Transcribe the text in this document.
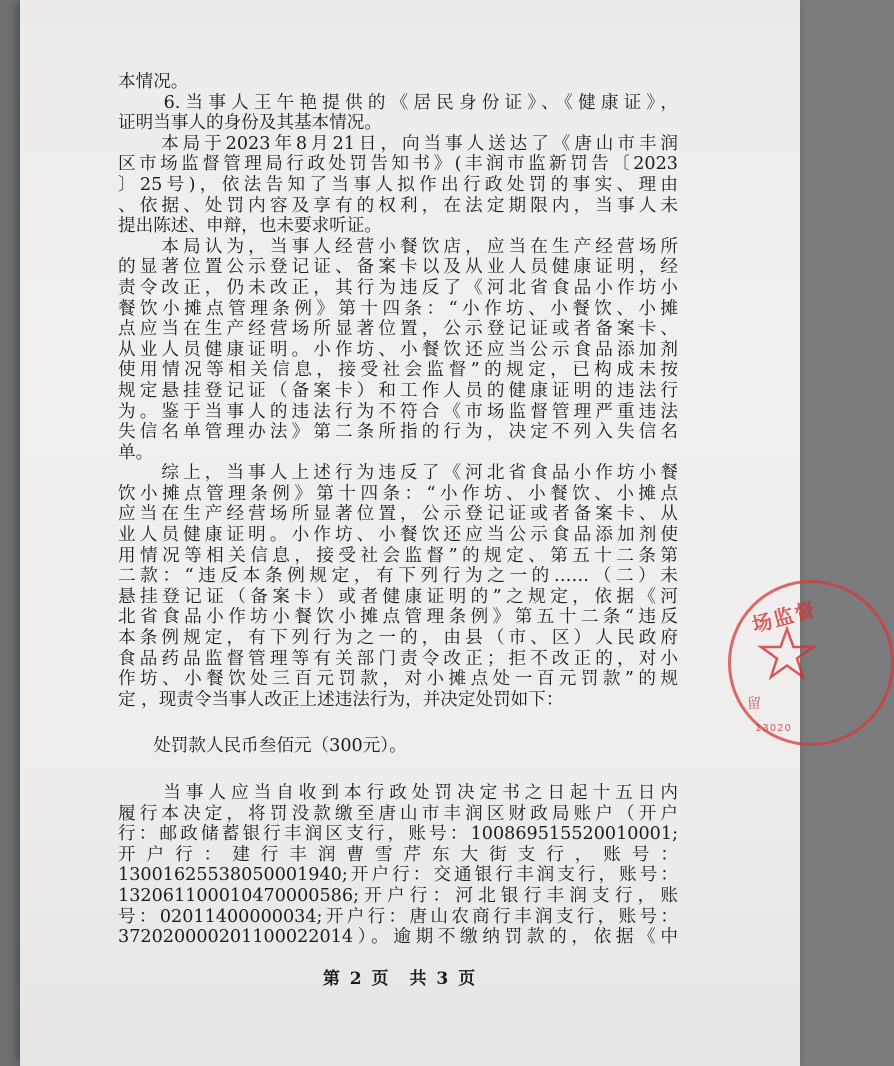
本情况。
　　6.当事人王午艳提供的《居民身份证》、《健康证》，
证明当事人的身份及其基本情况。
　　本局于2023年8月21日，向当事人送达了《唐山市丰润
区市场监督管理局行政处罚告知书》(丰润市监新罚告〔2023
〕25号)，依法告知了当事人拟作出行政处罚的事实、理由
、依据、处罚内容及享有的权利，在法定期限内，当事人未
提出陈述、申辩，也未要求听证。
　　本局认为，当事人经营小餐饮店，应当在生产经营场所
的显著位置公示登记证、备案卡以及从业人员健康证明，经
责令改正，仍未改正，其行为违反了《河北省食品小作坊小
餐饮小摊点管理条例》第十四条：“小作坊、小餐饮、小摊
点应当在生产经营场所显著位置，公示登记证或者备案卡、
从业人员健康证明。小作坊、小餐饮还应当公示食品添加剂
使用情况等相关信息，接受社会监督”的规定，已构成未按
规定悬挂登记证（备案卡）和工作人员的健康证明的违法行
为。鉴于当事人的违法行为不符合《市场监督管理严重违法
失信名单管理办法》第二条所指的行为，决定不列入失信名
单。
　　综上，当事人上述行为违反了《河北省食品小作坊小餐
饮小摊点管理条例》第十四条：“小作坊、小餐饮、小摊点
应当在生产经营场所显著位置，公示登记证或者备案卡、从
业人员健康证明。小作坊、小餐饮还应当公示食品添加剂使
用情况等相关信息，接受社会监督”的规定、第五十二条第
二款：“违反本条例规定，有下列行为之一的……（二）未
悬挂登记证（备案卡）或者健康证明的”之规定，依据《河
北省食品小作坊小餐饮小摊点管理条例》第五十二条“违反
本条例规定，有下列行为之一的，由县（市、区）人民政府
食品药品监督管理等有关部门责令改正；拒不改正的，对小
作坊、小餐饮处三百元罚款，对小摊点处一百元罚款”的规
定 ，现责令当事人改正上述违法行为，并决定处罚如下：
　　处罚款人民币叁佰元（300元）。
　　当事人应当自收到本行政处罚决定书之日起十五日内
履行本决定，将罚没款缴至唐山市丰润区财政局账户（开户
行：邮政储蓄银行丰润区支行，账号：100869515520010001;
开户行：建行丰润曹雪芹东大街支行，账号：
13001625538050001940;开户行：交通银行丰润支行，账号：
132061100010470000586;开户行：河北银行丰润支行，账
号：02011400000034;开户行：唐山农商行丰润支行，账号：
372020000201100022014）。逾期不缴纳罚款的，依据《中
第 2 页　共 3 页
场监督
留
13020
